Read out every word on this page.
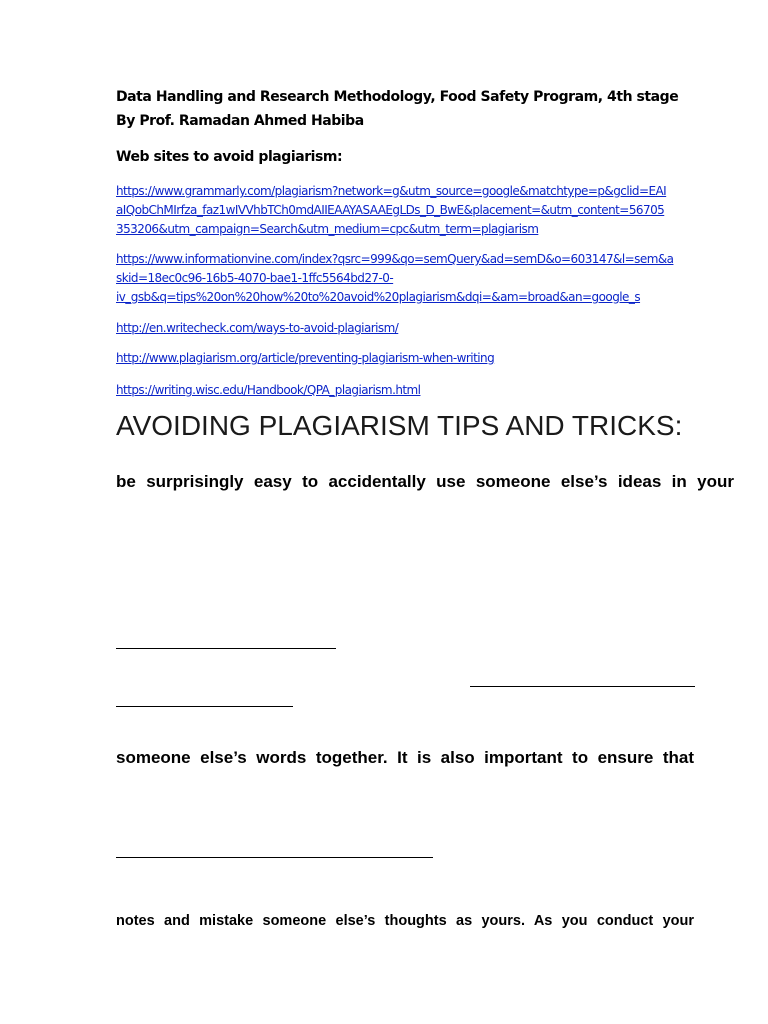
Data Handling and Research Methodology, Food Safety Program, 4th stage
By Prof. Ramadan Ahmed Habiba
Web sites to avoid plagiarism:
https://www.grammarly.com/plagiarism?network=g&utm_source=google&matchtype=p&gclid=EAI
aIQobChMIrfza_faz1wIVVhbTCh0mdAIIEAAYASAAEgLDs_D_BwE&placement=&utm_content=56705
353206&utm_campaign=Search&utm_medium=cpc&utm_term=plagiarism
https://www.informationvine.com/index?qsrc=999&qo=semQuery&ad=semD&o=603147&l=sem&a
skid=18ec0c96-16b5-4070-bae1-1ffc5564bd27-0-
iv_gsb&q=tips%20on%20how%20to%20avoid%20plagiarism&dqi=&am=broad&an=google_s
http://en.writecheck.com/ways-to-avoid-plagiarism/
http://www.plagiarism.org/article/preventing-plagiarism-when-writing
https://writing.wisc.edu/Handbook/QPA_plagiarism.html
AVOIDING PLAGIARISM TIPS AND TRICKS:
be surprisingly easy to accidentally use someone else’s ideas in your
someone else’s words together. It is also important to ensure that
notes and mistake someone else’s thoughts as yours. As you conduct your
